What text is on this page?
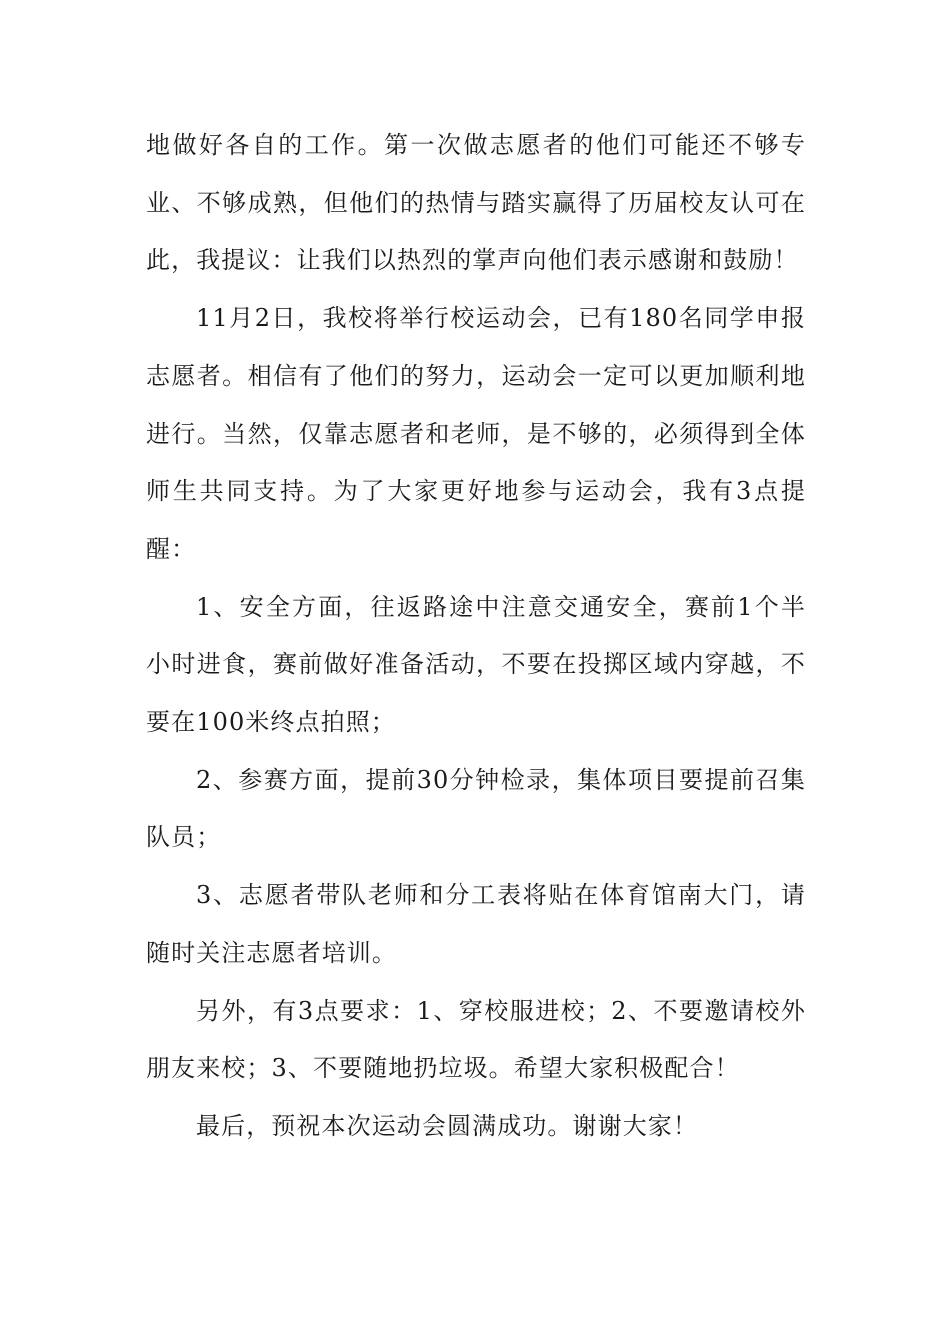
地做好各自的工作。第一次做志愿者的他们可能还不够专业、不够成熟，但他们的热情与踏实赢得了历届校友认可在此，我提议：让我们以热烈的掌声向他们表示感谢和鼓励！

11月2日，我校将举行校运动会，已有180名同学申报志愿者。相信有了他们的努力，运动会一定可以更加顺利地进行。当然，仅靠志愿者和老师，是不够的，必须得到全体师生共同支持。为了大家更好地参与运动会，我有3点提醒：

1、安全方面，往返路途中注意交通安全，赛前1个半小时进食，赛前做好准备活动，不要在投掷区域内穿越，不要在100米终点拍照；

2、参赛方面，提前30分钟检录，集体项目要提前召集队员；

3、志愿者带队老师和分工表将贴在体育馆南大门，请随时关注志愿者培训。

另外，有3点要求：1、穿校服进校；2、不要邀请校外朋友来校；3、不要随地扔垃圾。希望大家积极配合！

最后，预祝本次运动会圆满成功。谢谢大家！
